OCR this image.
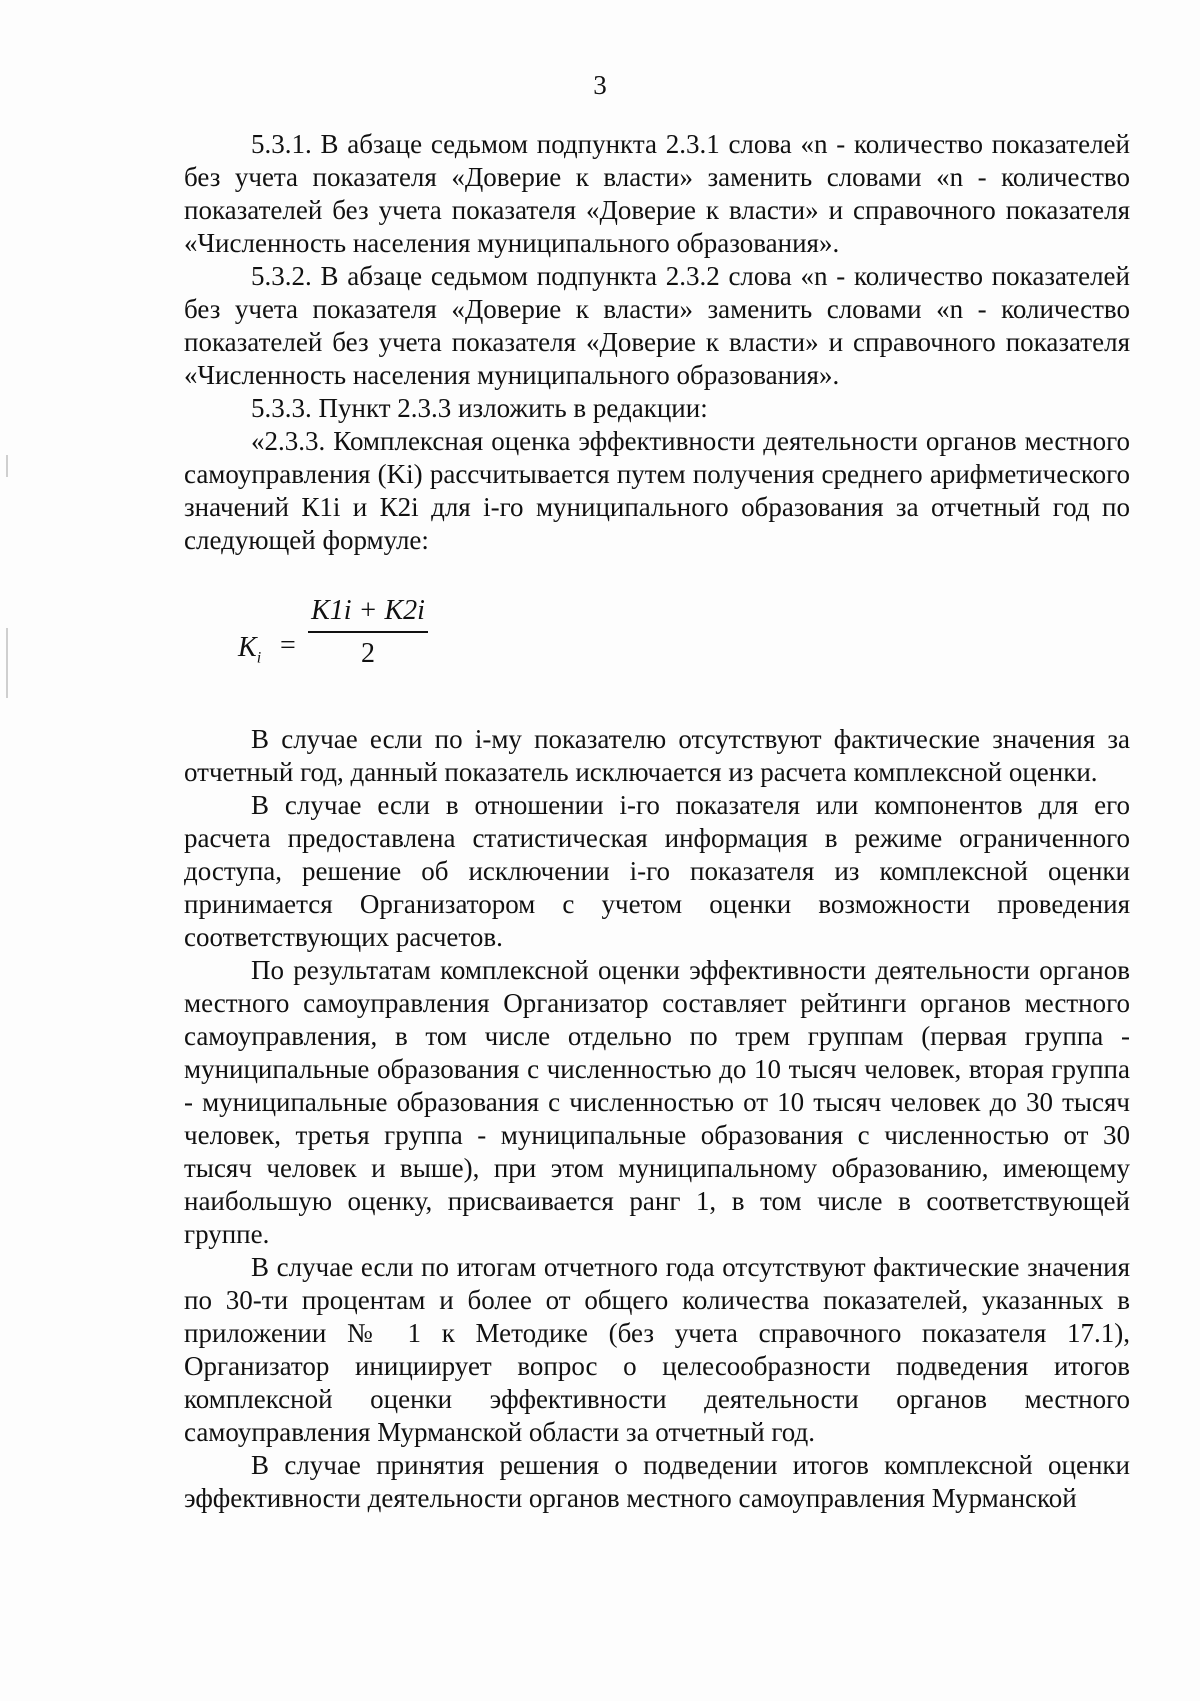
3

5.3.1. В абзаце седьмом подпункта 2.3.1 слова «n - количество показателей без учета показателя «Доверие к власти» заменить словами «n - количество показателей без учета показателя «Доверие к власти» и справочного показателя «Численность населения муниципального образования».

5.3.2. В абзаце седьмом подпункта 2.3.2 слова «n - количество показателей без учета показателя «Доверие к власти» заменить словами «n - количество показателей без учета показателя «Доверие к власти» и справочного показателя «Численность населения муниципального образования».

5.3.3. Пункт 2.3.3 изложить в редакции:

«2.3.3. Комплексная оценка эффективности деятельности органов местного самоуправления (Ki) рассчитывается путем получения среднего арифметического значений К1i и К2i для i-го муниципального образования за отчетный год по следующей формуле:

$K_i$ =
K1i + K2i
2

В случае если по i-му показателю отсутствуют фактические значения за отчетный год, данный показатель исключается из расчета комплексной оценки.

В случае если в отношении i-го показателя или компонентов для его расчета предоставлена статистическая информация в режиме ограниченного доступа, решение об исключении i-го показателя из комплексной оценки принимается Организатором с учетом оценки возможности проведения соответствующих расчетов.

По результатам комплексной оценки эффективности деятельности органов местного самоуправления Организатор составляет рейтинги органов местного самоуправления, в том числе отдельно по трем группам (первая группа - муниципальные образования с численностью до 10 тысяч человек, вторая группа - муниципальные образования с численностью от 10 тысяч человек до 30 тысяч человек, третья группа - муниципальные образования с численностью от 30 тысяч человек и выше), при этом муниципальному образованию, имеющему наибольшую оценку, присваивается ранг 1, в том числе в соответствующей группе.

В случае если по итогам отчетного года отсутствуют фактические значения по 30-ти процентам и более от общего количества показателей, указанных в приложении № 1 к Методике (без учета справочного показателя 17.1), Организатор инициирует вопрос о целесообразности подведения итогов комплексной оценки эффективности деятельности органов местного самоуправления Мурманской области за отчетный год.

В случае принятия решения о подведении итогов комплексной оценки эффективности деятельности органов местного самоуправления Мурманской
